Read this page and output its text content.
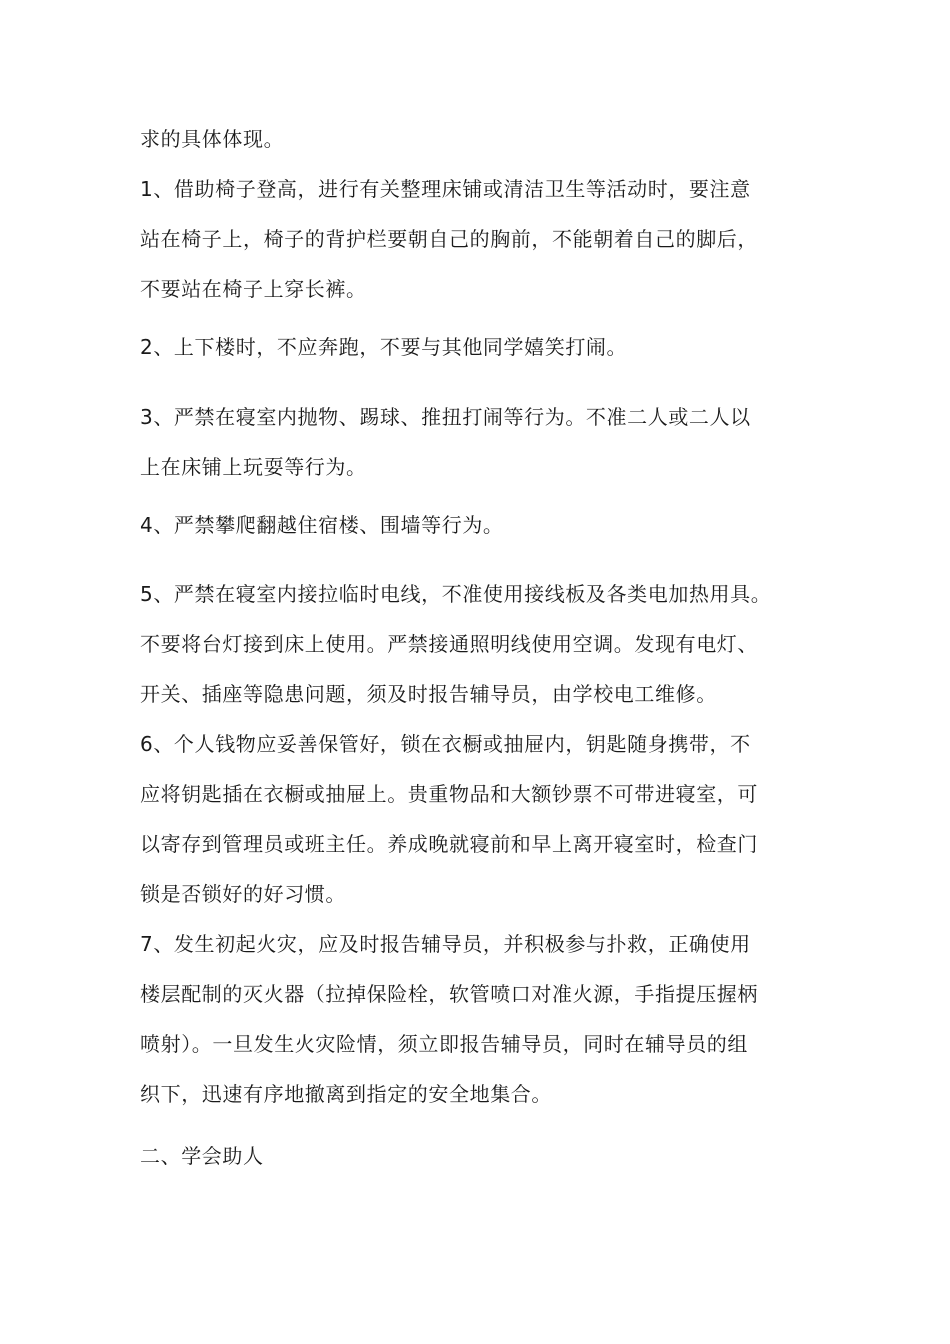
求的具体体现。
1、借助椅子登高，进行有关整理床铺或清洁卫生等活动时，要注意
站在椅子上，椅子的背护栏要朝自己的胸前，不能朝着自己的脚后，
不要站在椅子上穿长裤。
2、上下楼时，不应奔跑，不要与其他同学嬉笑打闹。
3、严禁在寝室内抛物、踢球、推扭打闹等行为。不准二人或二人以
上在床铺上玩耍等行为。
4、严禁攀爬翻越住宿楼、围墙等行为。
5、严禁在寝室内接拉临时电线，不准使用接线板及各类电加热用具。
不要将台灯接到床上使用。严禁接通照明线使用空调。发现有电灯、
开关、插座等隐患问题，须及时报告辅导员，由学校电工维修。
6、个人钱物应妥善保管好，锁在衣橱或抽屉内，钥匙随身携带，不
应将钥匙插在衣橱或抽屉上。贵重物品和大额钞票不可带进寝室，可
以寄存到管理员或班主任。养成晚就寝前和早上离开寝室时，检查门
锁是否锁好的好习惯。
7、发生初起火灾，应及时报告辅导员，并积极参与扑救，正确使用
楼层配制的灭火器（拉掉保险栓，软管喷口对准火源，手指提压握柄
喷射）。一旦发生火灾险情，须立即报告辅导员，同时在辅导员的组
织下，迅速有序地撤离到指定的安全地集合。
二、学会助人
